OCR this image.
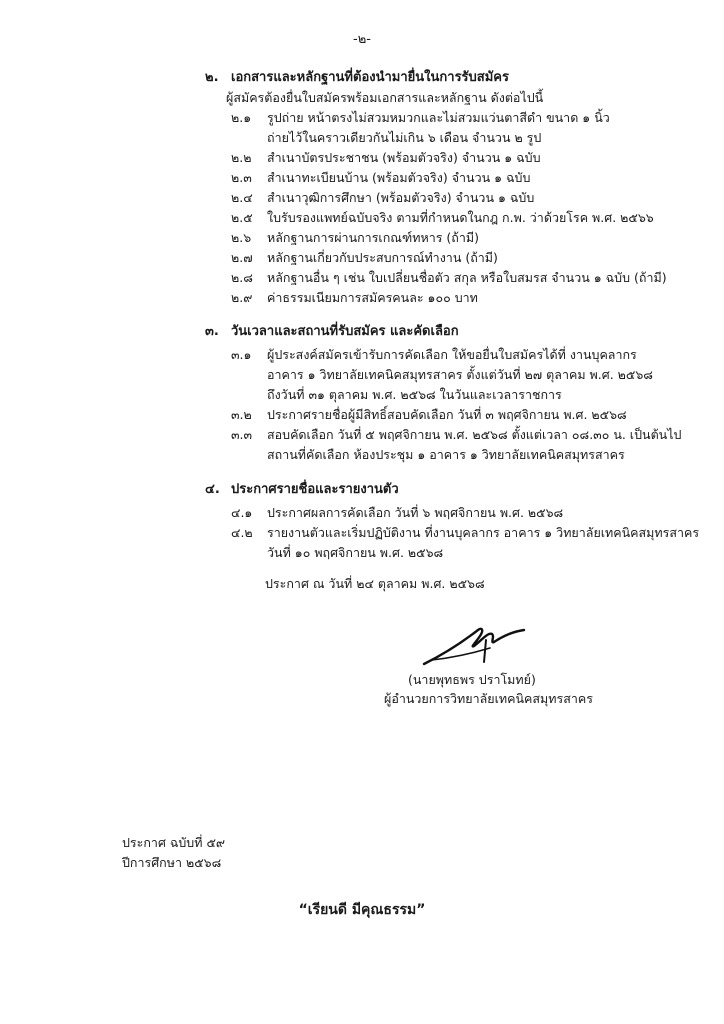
-๒-
๒. เอกสารและหลักฐานที่ต้องนำมายื่นในการรับสมัคร
ผู้สมัครต้องยื่นใบสมัครพร้อมเอกสารและหลักฐาน ดังต่อไปนี้
๒.๑ รูปถ่าย หน้าตรงไม่สวมหมวกและไม่สวมแว่นตาสีดำ ขนาด ๑ นิ้ว
ถ่ายไว้ในคราวเดียวกันไม่เกิน ๖ เดือน จำนวน ๒ รูป
๒.๒ สำเนาบัตรประชาชน (พร้อมตัวจริง) จำนวน ๑ ฉบับ
๒.๓ สำเนาทะเบียนบ้าน (พร้อมตัวจริง) จำนวน ๑ ฉบับ
๒.๔ สำเนาวุฒิการศึกษา (พร้อมตัวจริง) จำนวน ๑ ฉบับ
๒.๕ ใบรับรองแพทย์ฉบับจริง ตามที่กำหนดในกฎ ก.พ. ว่าด้วยโรค พ.ศ. ๒๕๖๖
๒.๖ หลักฐานการผ่านการเกณฑ์ทหาร (ถ้ามี)
๒.๗ หลักฐานเกี่ยวกับประสบการณ์ทำงาน (ถ้ามี)
๒.๘ หลักฐานอื่น ๆ เช่น ใบเปลี่ยนชื่อตัว สกุล หรือใบสมรส จำนวน ๑ ฉบับ (ถ้ามี)
๒.๙ ค่าธรรมเนียมการสมัครคนละ ๑๐๐ บาท
๓. วันเวลาและสถานที่รับสมัคร และคัดเลือก
๓.๑ ผู้ประสงค์สมัครเข้ารับการคัดเลือก ให้ขอยื่นใบสมัครได้ที่ งานบุคลากร
อาคาร ๑ วิทยาลัยเทคนิคสมุทรสาคร ตั้งแต่วันที่ ๒๗ ตุลาคม พ.ศ. ๒๕๖๘
ถึงวันที่ ๓๑ ตุลาคม พ.ศ. ๒๕๖๘ ในวันและเวลาราชการ
๓.๒ ประกาศรายชื่อผู้มีสิทธิ์สอบคัดเลือก วันที่ ๓ พฤศจิกายน พ.ศ. ๒๕๖๘
๓.๓ สอบคัดเลือก วันที่ ๕ พฤศจิกายน พ.ศ. ๒๕๖๘ ตั้งแต่เวลา ๐๘.๓๐ น. เป็นต้นไป
สถานที่คัดเลือก ห้องประชุม ๑ อาคาร ๑ วิทยาลัยเทคนิคสมุทรสาคร
๔. ประกาศรายชื่อและรายงานตัว
๔.๑ ประกาศผลการคัดเลือก วันที่ ๖ พฤศจิกายน พ.ศ. ๒๕๖๘
๔.๒ รายงานตัวและเริ่มปฏิบัติงาน ที่งานบุคลากร อาคาร ๑ วิทยาลัยเทคนิคสมุทรสาคร
วันที่ ๑๐ พฤศจิกายน พ.ศ. ๒๕๖๘
ประกาศ ณ วันที่ ๒๔ ตุลาคม พ.ศ. ๒๕๖๘
(นายพุทธพร ปราโมทย์)
ผู้อำนวยการวิทยาลัยเทคนิคสมุทรสาคร
ประกาศ ฉบับที่ ๕๙
ปีการศึกษา ๒๕๖๘
“เรียนดี มีคุณธรรม”
